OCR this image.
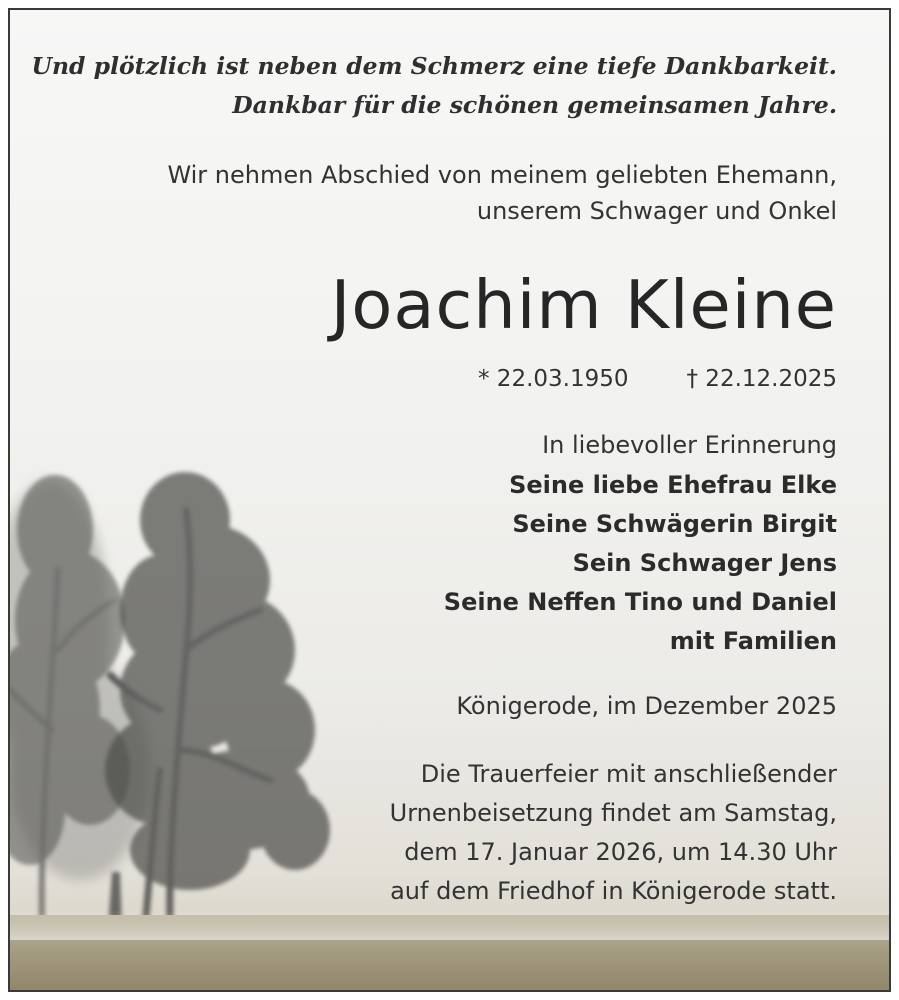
Und plötzlich ist neben dem Schmerz eine tiefe Dankbarkeit.
Dankbar für die schönen gemeinsamen Jahre.
Wir nehmen Abschied von meinem geliebten Ehemann,
unserem Schwager und Onkel
Joachim Kleine
* 22.03.1950	† 22.12.2025
In liebevoller Erinnerung
Seine liebe Ehefrau Elke
Seine Schwägerin Birgit
Sein Schwager Jens
Seine Neffen Tino und Daniel
mit Familien
Königerode, im Dezember 2025
Die Trauerfeier mit anschließender
Urnenbeisetzung findet am Samstag,
dem 17. Januar 2026, um 14.30 Uhr
auf dem Friedhof in Königerode statt.
